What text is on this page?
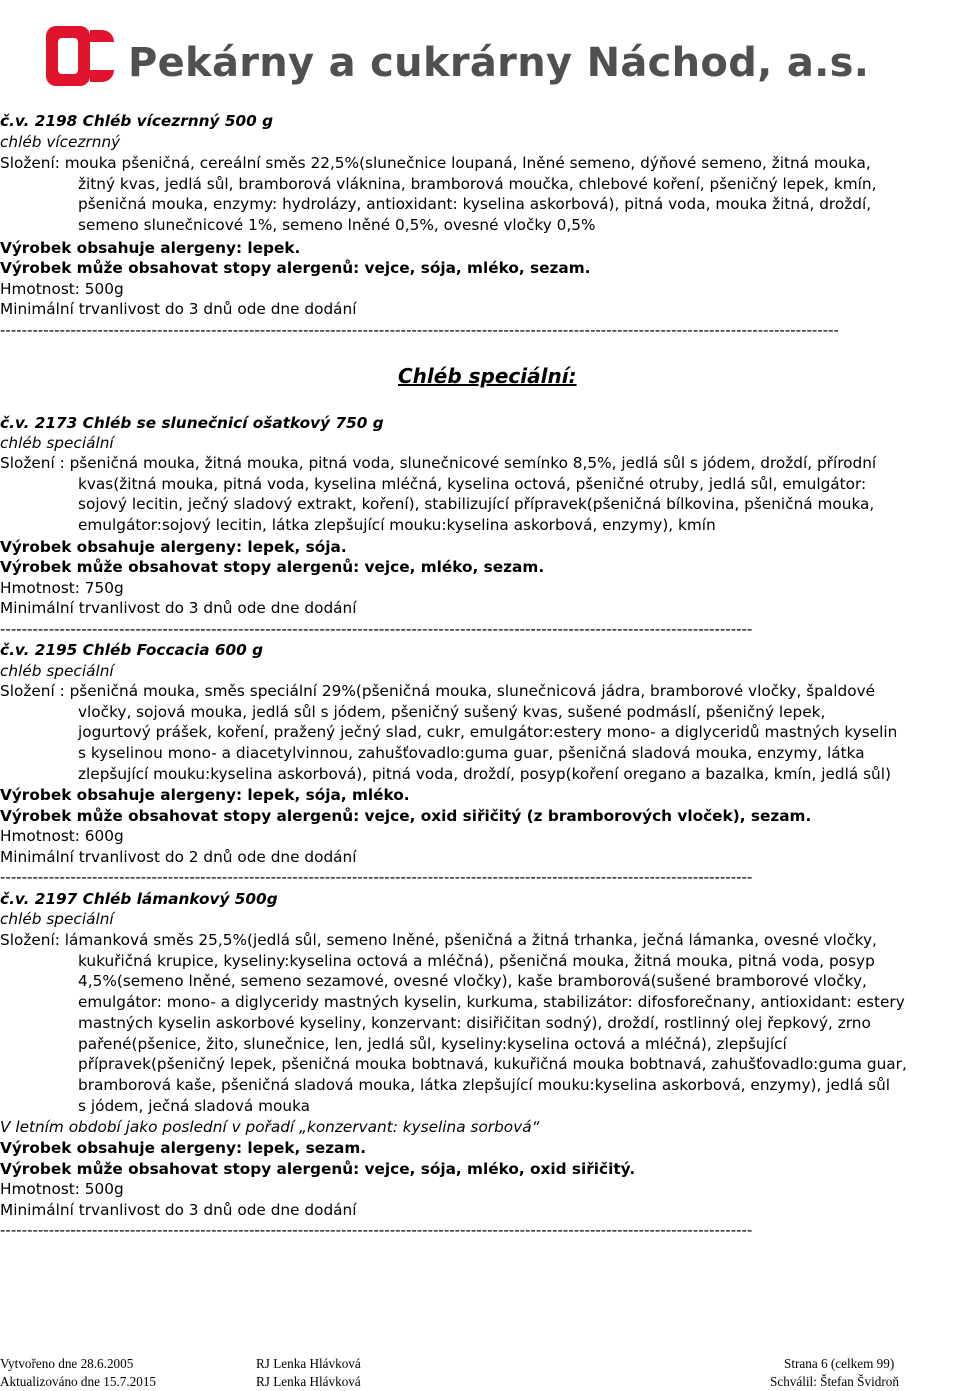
Pekárny a cukrárny Náchod, a.s.
č.v. 2198 Chléb vícezrnný 500 g
chléb vícezrnný
Složení: mouka pšeničná, cereální směs 22,5%(slunečnice loupaná, lněné semeno, dýňové semeno, žitná mouka,
žitný kvas, jedlá sůl, bramborová vláknina, bramborová moučka, chlebové koření, pšeničný lepek, kmín,
pšeničná mouka, enzymy: hydrolázy, antioxidant: kyselina askorbová), pitná voda, mouka žitná, droždí,
semeno slunečnicové 1%, semeno lněné 0,5%, ovesné vločky 0,5%
Výrobek obsahuje alergeny: lepek.
Výrobek může obsahovat stopy alergenů: vejce, sója, mléko, sezam.
Hmotnost: 500g
Minimální trvanlivost do 3 dnů ode dne dodání
-----------------------------------------------------------------------------------------------------------------------------------------------------------
Chléb speciální:
č.v. 2173 Chléb se slunečnicí ošatkový 750 g
chléb speciální
Složení : pšeničná mouka, žitná mouka, pitná voda, slunečnicové semínko 8,5%, jedlá sůl s jódem, droždí, přírodní
kvas(žitná mouka, pitná voda, kyselina mléčná, kyselina octová, pšeničné otruby, jedlá sůl, emulgátor:
sojový lecitin, ječný sladový extrakt, koření), stabilizující přípravek(pšeničná bílkovina, pšeničná mouka,
emulgátor:sojový lecitin, látka zlepšující mouku:kyselina askorbová, enzymy), kmín
Výrobek obsahuje alergeny: lepek, sója.
Výrobek může obsahovat stopy alergenů: vejce, mléko, sezam.
Hmotnost: 750g
Minimální trvanlivost do 3 dnů ode dne dodání
-------------------------------------------------------------------------------------------------------------------------------------------
č.v. 2195 Chléb Foccacia 600 g
chléb speciální
Složení : pšeničná mouka, směs speciální 29%(pšeničná mouka, slunečnicová jádra, bramborové vločky, špaldové
vločky, sojová mouka, jedlá sůl s jódem, pšeničný sušený kvas, sušené podmáslí, pšeničný lepek,
jogurtový prášek, koření, pražený ječný slad, cukr, emulgátor:estery mono- a diglyceridů mastných kyselin
s kyselinou mono- a diacetylvinnou, zahušťovadlo:guma guar, pšeničná sladová mouka, enzymy, látka
zlepšující mouku:kyselina askorbová), pitná voda, droždí, posyp(koření oregano a bazalka, kmín, jedlá sůl)
Výrobek obsahuje alergeny: lepek, sója, mléko.
Výrobek může obsahovat stopy alergenů: vejce, oxid siřičitý (z bramborových vloček), sezam.
Hmotnost: 600g
Minimální trvanlivost do 2 dnů ode dne dodání
-------------------------------------------------------------------------------------------------------------------------------------------
č.v. 2197 Chléb lámankový 500g
chléb speciální
Složení: lámanková směs 25,5%(jedlá sůl, semeno lněné, pšeničná a žitná trhanka, ječná lámanka, ovesné vločky,
kukuřičná krupice, kyseliny:kyselina octová a mléčná), pšeničná mouka, žitná mouka, pitná voda, posyp
4,5%(semeno lněné, semeno sezamové, ovesné vločky), kaše bramborová(sušené bramborové vločky,
emulgátor: mono- a diglyceridy mastných kyselin, kurkuma, stabilizátor: difosforečnany, antioxidant: estery
mastných kyselin askorbové kyseliny, konzervant: disiřičitan sodný), droždí, rostlinný olej řepkový, zrno
pařené(pšenice, žito, slunečnice, len, jedlá sůl, kyseliny:kyselina octová a mléčná), zlepšující
přípravek(pšeničný lepek, pšeničná mouka bobtnavá, kukuřičná mouka bobtnavá, zahušťovadlo:guma guar,
bramborová kaše, pšeničná sladová mouka, látka zlepšující mouku:kyselina askorbová, enzymy), jedlá sůl
s jódem, ječná sladová mouka
V letním období jako poslední v pořadí „konzervant: kyselina sorbová“
Výrobek obsahuje alergeny: lepek, sezam.
Výrobek může obsahovat stopy alergenů: vejce, sója, mléko, oxid siřičitý.
Hmotnost: 500g
Minimální trvanlivost do 3 dnů ode dne dodání
-------------------------------------------------------------------------------------------------------------------------------------------
Vytvořeno dne 28.6.2005
Aktualizováno dne 15.7.2015
RJ Lenka Hlávková
RJ Lenka Hlávková
Strana 6 (celkem 99)
Schválil: Štefan Švidroň
